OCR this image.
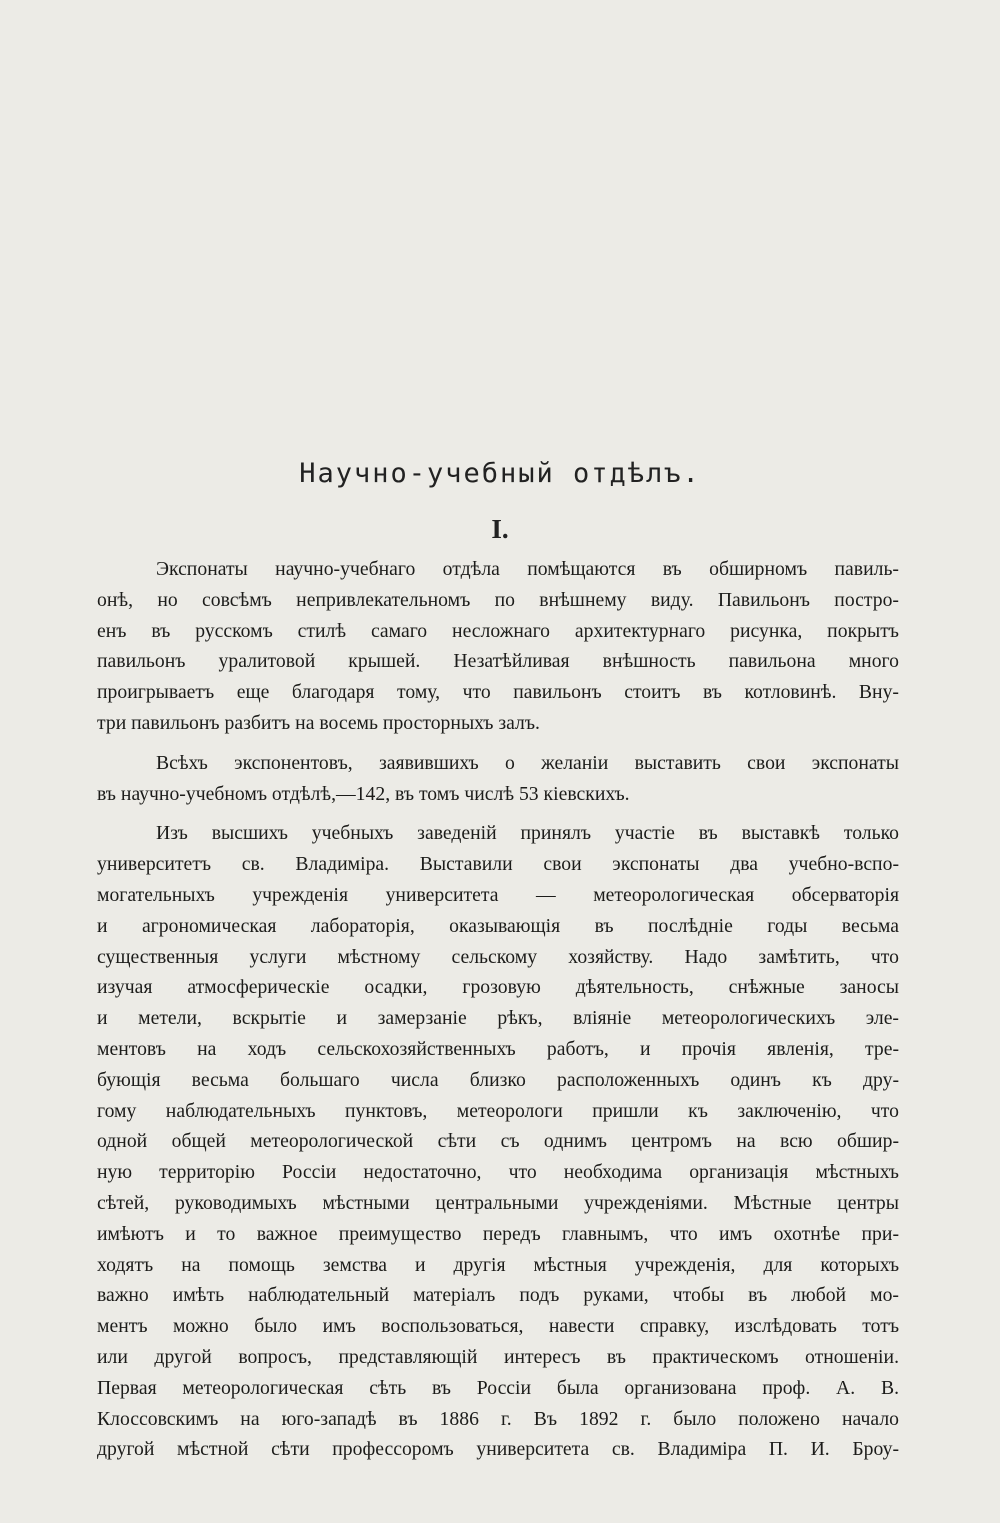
Научно-учебный отдѣлъ.
I.
Экспонаты научно-учебнаго отдѣла помѣщаются въ обширномъ павиль-
онѣ, но совсѣмъ непривлекательномъ по внѣшнему виду. Павильонъ постро-
енъ въ русскомъ стилѣ самаго несложнаго архитектурнаго рисунка, покрытъ
павильонъ уралитовой крышей. Незатѣйливая внѣшность павильона много
проигрываетъ еще благодаря тому, что павильонъ стоитъ въ котловинѣ. Вну-
три павильонъ разбитъ на восемь просторныхъ залъ.
Всѣхъ экспонентовъ, заявившихъ о желаніи выставить свои экспонаты
въ научно-учебномъ отдѣлѣ,—142, въ томъ числѣ 53 кіевскихъ.
Изъ высшихъ учебныхъ заведеній принялъ участіе въ выставкѣ только
университетъ св. Владиміра. Выставили свои экспонаты два учебно-вспо-
могательныхъ учрежденія университета — метеорологическая обсерваторія
и агрономическая лабораторія, оказывающія въ послѣдніе годы весьма
существенныя услуги мѣстному сельскому хозяйству. Надо замѣтить, что
изучая атмосферическіе осадки, грозовую дѣятельность, снѣжные заносы
и метели, вскрытіе и замерзаніе рѣкъ, вліяніе метеорологическихъ эле-
ментовъ на ходъ сельскохозяйственныхъ работъ, и прочія явленія, тре-
бующія весьма большаго числа близко расположенныхъ одинъ къ дру-
гому наблюдательныхъ пунктовъ, метеорологи пришли къ заключенію, что
одной общей метеорологической сѣти съ однимъ центромъ на всю обшир-
ную территорію Россіи недостаточно, что необходима организація мѣстныхъ
сѣтей, руководимыхъ мѣстными центральными учрежденіями. Мѣстные центры
имѣютъ и то важное преимущество передъ главнымъ, что имъ охотнѣе при-
ходятъ на помощь земства и другія мѣстныя учрежденія, для которыхъ
важно имѣть наблюдательный матеріалъ подъ руками, чтобы въ любой мо-
ментъ можно было имъ воспользоваться, навести справку, изслѣдовать тотъ
или другой вопросъ, представляющій интересъ въ практическомъ отношеніи.
Первая метеорологическая сѣть въ Россіи была организована проф. А. В.
Клоссовскимъ на юго-западѣ въ 1886 г. Въ 1892 г. было положено начало
другой мѣстной сѣти профессоромъ университета св. Владиміра П. И. Броу-
